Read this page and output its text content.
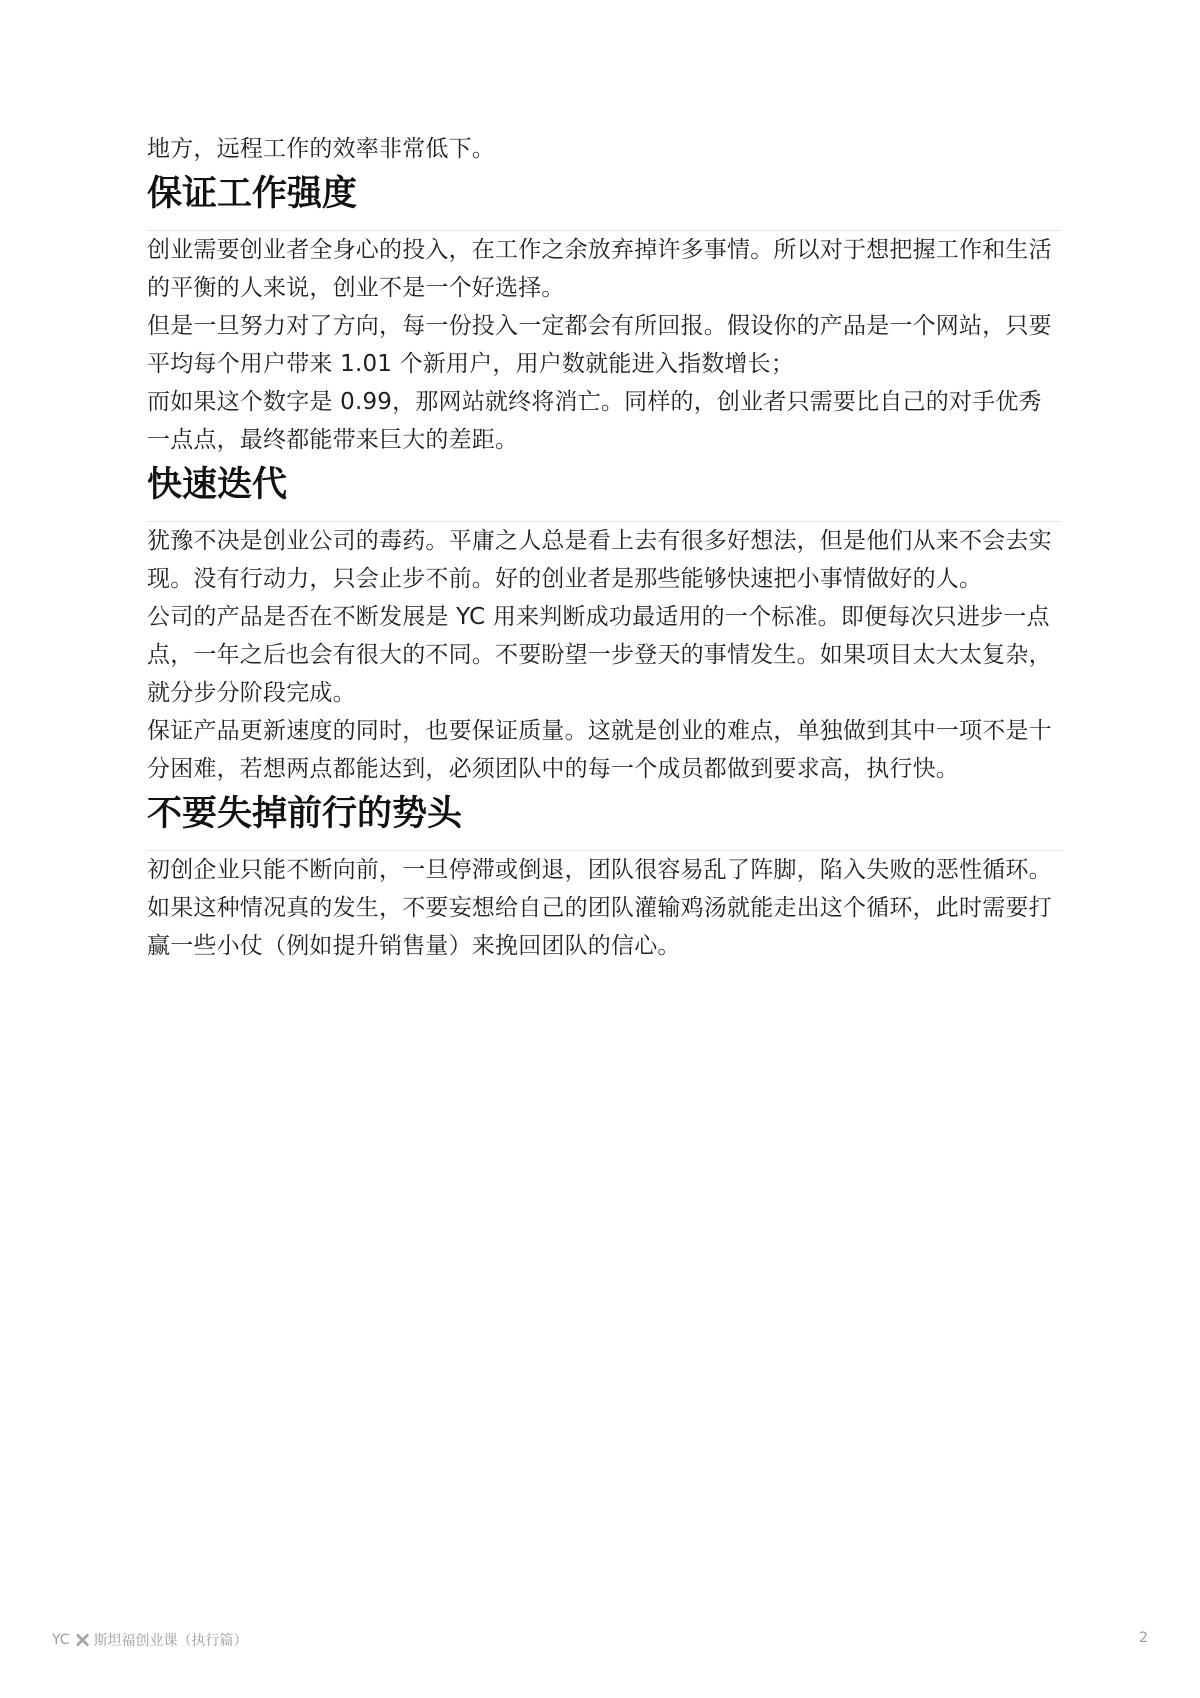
地方，远程工作的效率非常低下。

保证工作强度

创业需要创业者全身心的投入，在工作之余放弃掉许多事情。所以对于想把握工作和生活的平衡的人来说，创业不是一个好选择。

但是一旦努力对了方向，每一份投入一定都会有所回报。假设你的产品是一个网站，只要平均每个用户带来 1.01 个新用户，用户数就能进入指数增长；

而如果这个数字是 0.99，那网站就终将消亡。同样的，创业者只需要比自己的对手优秀一点点，最终都能带来巨大的差距。

快速迭代

犹豫不决是创业公司的毒药。平庸之人总是看上去有很多好想法，但是他们从来不会去实现。没有行动力，只会止步不前。好的创业者是那些能够快速把小事情做好的人。

公司的产品是否在不断发展是 YC 用来判断成功最适用的一个标准。即便每次只进步一点点，一年之后也会有很大的不同。不要盼望一步登天的事情发生。如果项目太大太复杂，就分步分阶段完成。

保证产品更新速度的同时，也要保证质量。这就是创业的难点，单独做到其中一项不是十分困难，若想两点都能达到，必须团队中的每一个成员都做到要求高，执行快。

不要失掉前行的势头

初创企业只能不断向前，一旦停滞或倒退，团队很容易乱了阵脚，陷入失败的恶性循环。如果这种情况真的发生，不要妄想给自己的团队灌输鸡汤就能走出这个循环，此时需要打赢一些小仗（例如提升销售量）来挽回团队的信心。

YC 斯坦福创业课（执行篇）	2
